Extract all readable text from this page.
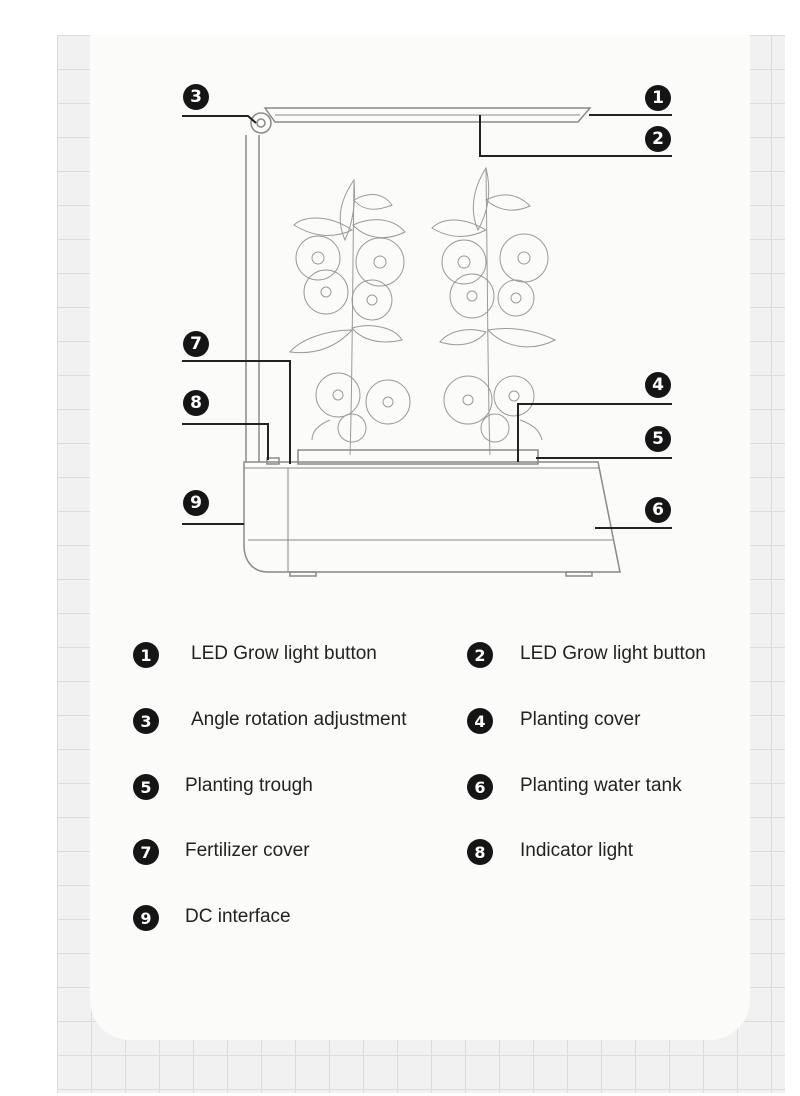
1
2
3
4
5
6
7
8
9
1	LED Grow light button	2	LED Grow light button
3	Angle rotation adjustment	4	Planting cover
5	Planting trough	6	Planting water tank
7	Fertilizer cover	8	Indicator light
9	DC interface
